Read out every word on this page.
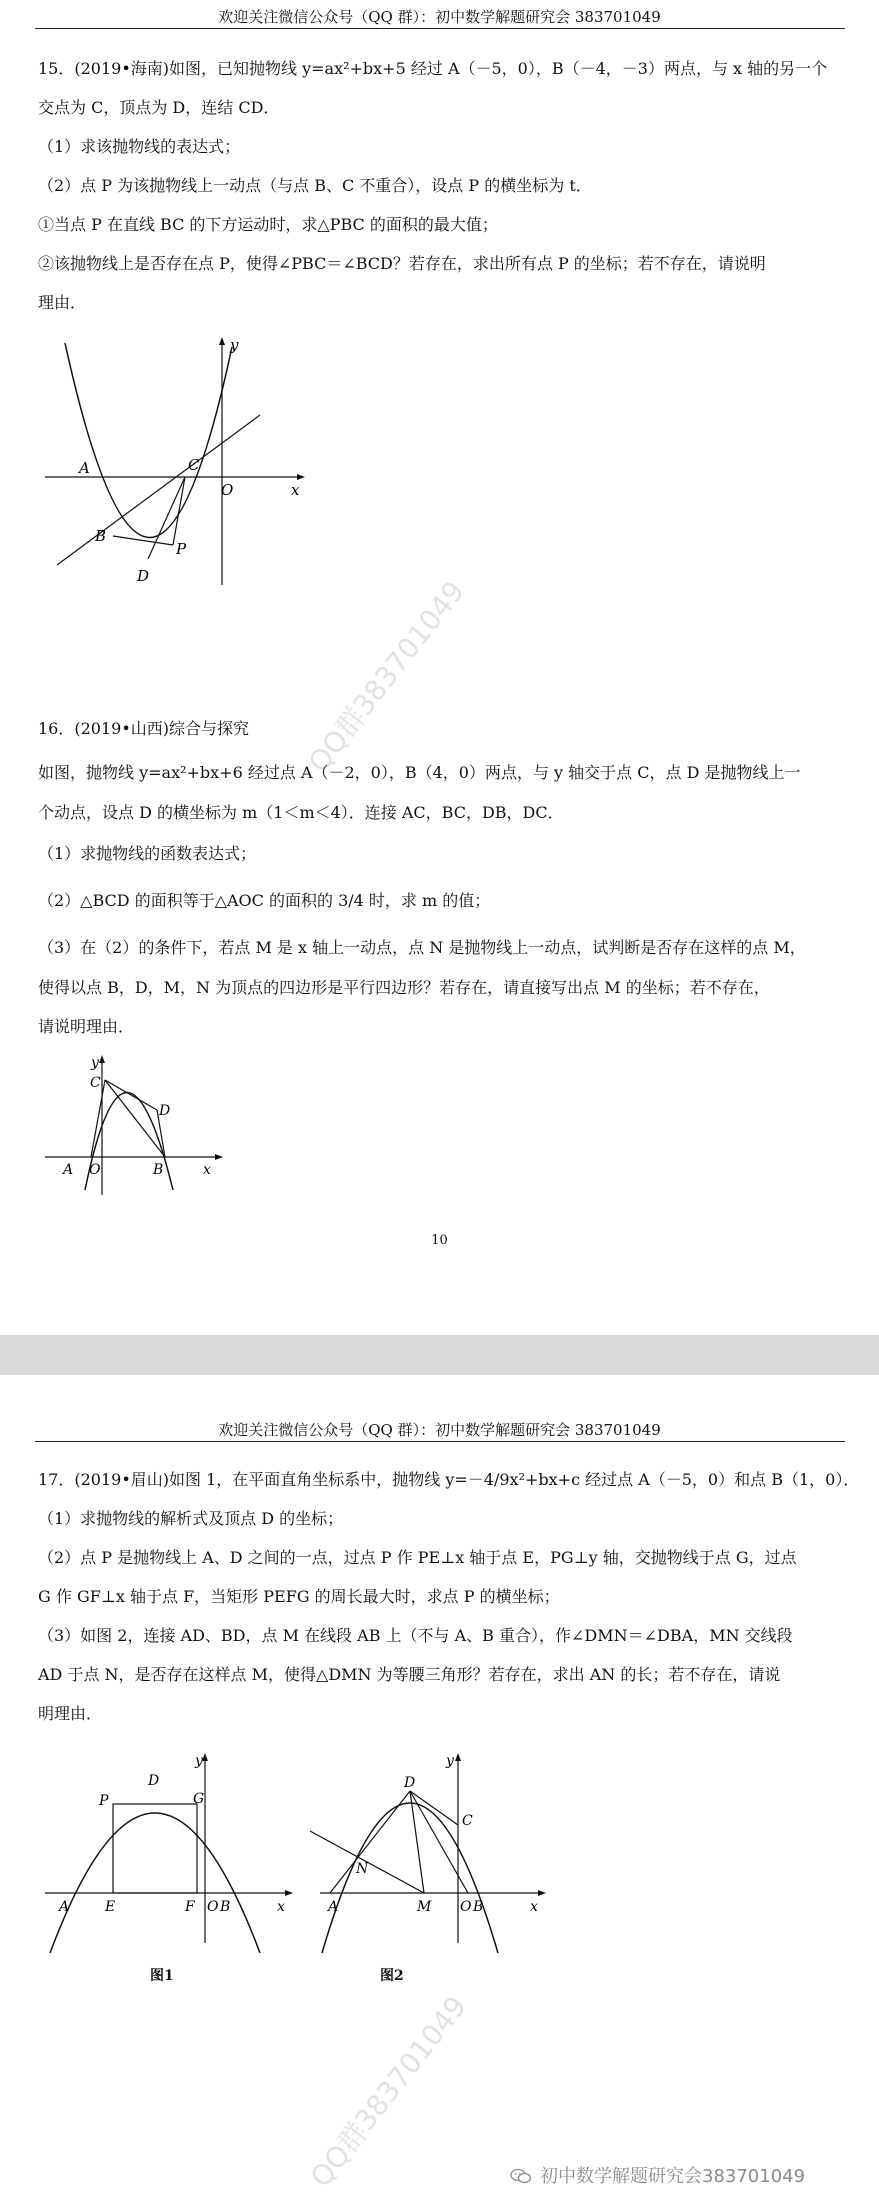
欢迎关注微信公众号（QQ 群）：初中数学解题研究会 383701049
15．(2019•海南)如图，已知抛物线 y=ax²+bx+5 经过 A（－5，0），B（－4，－3）两点，与 x 轴的另一个
交点为 C，顶点为 D，连结 CD．
（1）求该抛物线的表达式；
（2）点 P 为该抛物线上一动点（与点 B、C 不重合），设点 P 的横坐标为 t．
①当点 P 在直线 BC 的下方运动时，求△PBC 的面积的最大值；
②该抛物线上是否存在点 P，使得∠PBC＝∠BCD？若存在，求出所有点 P 的坐标；若不存在，请说明
理由．
A	C
O	x
y
B
P
D	QQ群383701049
16．(2019•山西)综合与探究
如图，抛物线 y=ax²+bx+6 经过点 A（－2，0），B（4，0）两点，与 y 轴交于点 C，点 D 是抛物线上一
个动点，设点 D 的横坐标为 m（1＜m＜4）．连接 AC，BC，DB，DC．
（1）求抛物线的函数表达式；
（2）△BCD 的面积等于△AOC 的面积的 3/4 时，求 m 的值；
（3）在（2）的条件下，若点 M 是 x 轴上一动点，点 N 是抛物线上一动点，试判断是否存在这样的点 M，
使得以点 B，D，M，N 为顶点的四边形是平行四边形？若存在，请直接写出点 M 的坐标；若不存在，
请说明理由．
y
C
D
A O	B	x
10
欢迎关注微信公众号（QQ 群）：初中数学解题研究会 383701049
17．(2019•眉山)如图 1，在平面直角坐标系中，抛物线 y=－4/9x²+bx+c 经过点 A（－5，0）和点 B（1，0）．
（1）求抛物线的解析式及顶点 D 的坐标；
（2）点 P 是抛物线上 A、D 之间的一点，过点 P 作 PE⊥x 轴于点 E，PG⊥y 轴，交抛物线于点 G，过点
G 作 GF⊥x 轴于点 F，当矩形 PEFG 的周长最大时，求点 P 的横坐标；
（3）如图 2，连接 AD、BD，点 M 在线段 AB 上（不与 A、B 重合），作∠DMN＝∠DBA，MN 交线段
AD 于点 N，是否存在这样点 M，使得△DMN 为等腰三角形？若存在，求出 AN 的长；若不存在，请说
明理由．
y
D
P	G
A	E	F O B	x
图1
y
D
C
N
A	M O B	x
图2
QQ群383701049	初中数学解题研究会383701049
